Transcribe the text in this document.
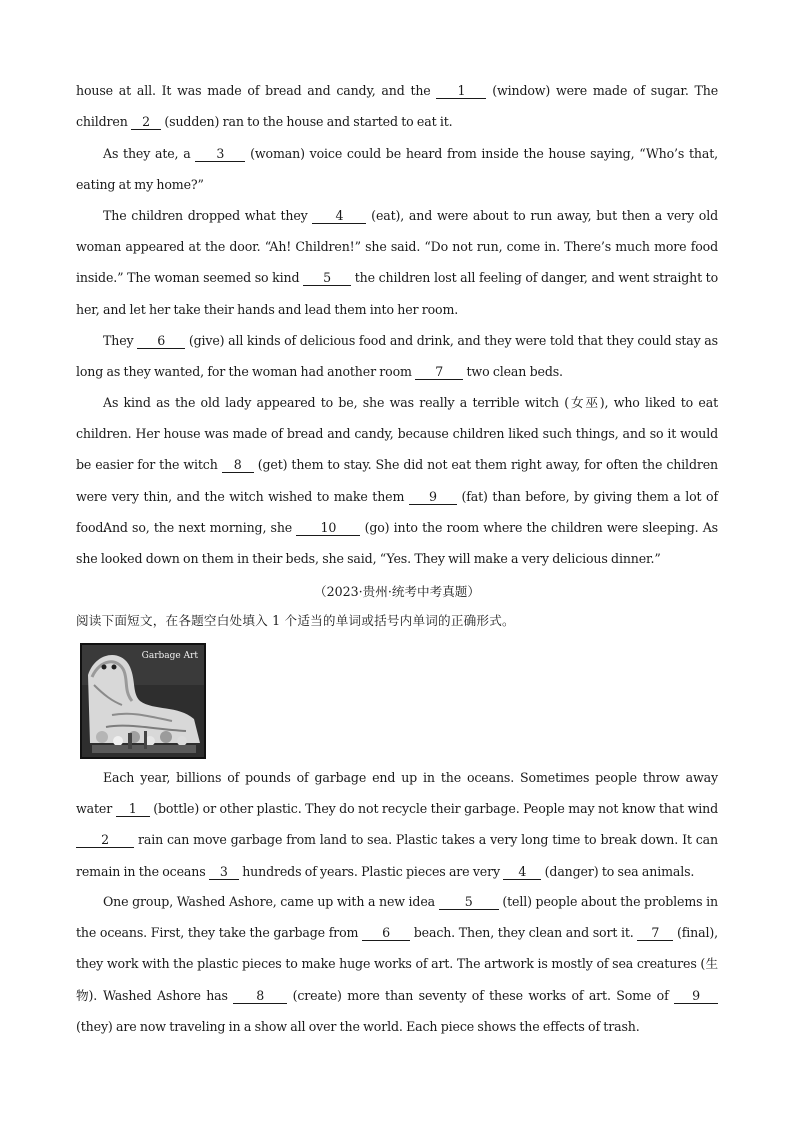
house at all. It was made of bread and candy, and the 1 (window) were made of sugar. The children 2 (sudden) ran to the house and started to eat it.
As they ate, a 3 (woman) voice could be heard from inside the house saying, “Who’s that, eating at my home?”
The children dropped what they 4 (eat), and were about to run away, but then a very old woman appeared at the door. “Ah! Children!” she said. “Do not run, come in. There’s much more food inside.” The woman seemed so kind 5 the children lost all feeling of danger, and went straight to her, and let her take their hands and lead them into her room.
They 6 (give) all kinds of delicious food and drink, and they were told that they could stay as long as they wanted, for the woman had another room 7 two clean beds.
As kind as the old lady appeared to be, she was really a terrible witch (女巫), who liked to eat children. Her house was made of bread and candy, because children liked such things, and so it would be easier for the witch 8 (get) them to stay. She did not eat them right away, for often the children were very thin, and the witch wished to make them 9 (fat) than before, by giving them a lot of food.
And so, the next morning, she 10 (go) into the room where the children were sleeping. As she looked down on them in their beds, she said, “Yes. They will make a very delicious dinner.”
（2023·贵州·统考中考真题）
阅读下面短文，在各题空白处填入 1 个适当的单词或括号内单词的正确形式。
Garbage Art
Each year, billions of pounds of garbage end up in the oceans. Sometimes people throw away water 1 (bottle) or other plastic. They do not recycle their garbage. People may not know that wind 2 rain can move garbage from land to sea. Plastic takes a very long time to break down. It can remain in the oceans 3 hundreds of years. Plastic pieces are very 4 (danger) to sea animals.
One group, Washed Ashore, came up with a new idea 5 (tell) people about the problems in the oceans. First, they take the garbage from 6 beach. Then, they clean and sort it. 7 (final), they work with the plastic pieces to make huge works of art. The artwork is mostly of sea creatures (生物). Washed Ashore has 8 (create) more than seventy of these works of art. Some of 9 (they) are now traveling in a show all over the world. Each piece shows the effects of trash.
